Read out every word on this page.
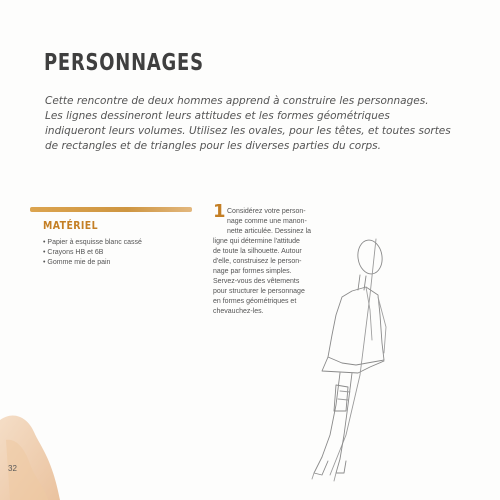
PERSONNAGES
Cette rencontre de deux hommes apprend à construire les personnages.
Les lignes dessineront leurs attitudes et les formes géométriques
indiqueront leurs volumes. Utilisez les ovales, pour les têtes, et toutes sortes
de rectangles et de triangles pour les diverses parties du corps.
MATÉRIEL
• Papier à esquisse blanc cassé
• Crayons HB et 6B
• Gomme mie de pain
1 Considérez votre person-
nage comme une manon-
nette articulée. Dessinez la
ligne qui détermine l'attitude
de toute la silhouette. Autour
d'elle, construisez le person-
nage par formes simples.
Servez-vous des vêtements
pour structurer le personnage
en formes géométriques et
chevauchez-les.
32
